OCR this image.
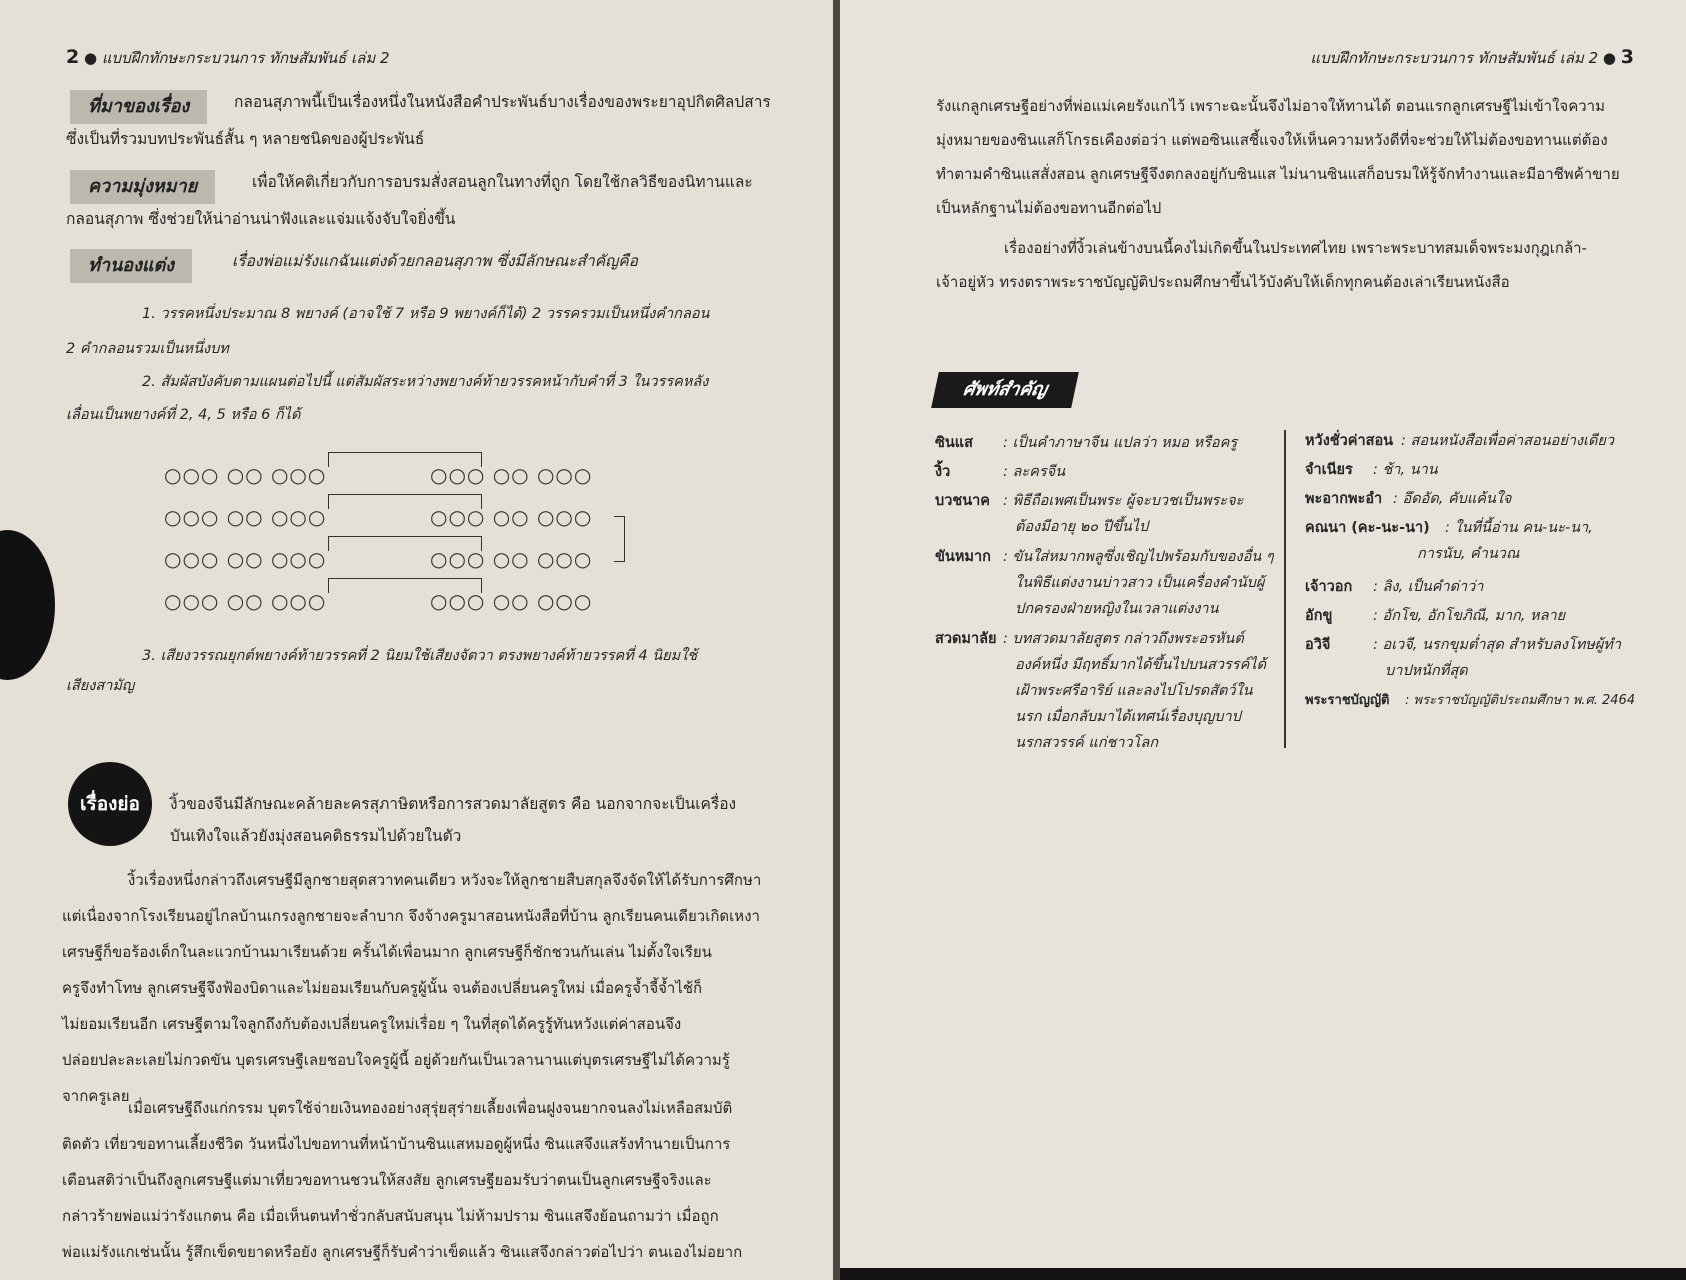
2 ● แบบฝึกทักษะกระบวนการ ทักษสัมพันธ์ เล่ม 2
ที่มาของเรื่อง	กลอนสุภาพนี้เป็นเรื่องหนึ่งในหนังสือคำประพันธ์บางเรื่องของพระยาอุปกิตศิลปสาร
ซึ่งเป็นที่รวมบทประพันธ์สั้น ๆ หลายชนิดของผู้ประพันธ์
ความมุ่งหมาย	เพื่อให้คติเกี่ยวกับการอบรมสั่งสอนลูกในทางที่ถูก โดยใช้กลวิธีของนิทานและ
กลอนสุภาพ ซึ่งช่วยให้น่าอ่านน่าฟังและแจ่มแจ้งจับใจยิ่งขึ้น
ทำนองแต่ง	เรื่องพ่อแม่รังแกฉันแต่งด้วยกลอนสุภาพ ซึ่งมีลักษณะสำคัญคือ
1. วรรคหนึ่งประมาณ 8 พยางค์ (อาจใช้ 7 หรือ 9 พยางค์ก็ได้) 2 วรรครวมเป็นหนึ่งคำกลอน
2 คำกลอนรวมเป็นหนึ่งบท
2. สัมผัสบังคับตามแผนต่อไปนี้ แต่สัมผัสระหว่างพยางค์ท้ายวรรคหน้ากับคำที่ 3 ในวรรคหลัง
เลื่อนเป็นพยางค์ที่ 2, 4, 5 หรือ 6 ก็ได้
○○○ ○○ ○○○	○○○ ○○ ○○○
○○○ ○○ ○○○	○○○ ○○ ○○○
○○○ ○○ ○○○	○○○ ○○ ○○○
○○○ ○○ ○○○	○○○ ○○ ○○○
3. เสียงวรรณยุกต์พยางค์ท้ายวรรคที่ 2 นิยมใช้เสียงจัตวา ตรงพยางค์ท้ายวรรคที่ 4 นิยมใช้
เสียงสามัญ
เรื่องย่อ	งิ้วของจีนมีลักษณะคล้ายละครสุภาษิตหรือการสวดมาลัยสูตร คือ นอกจากจะเป็นเครื่อง
บันเทิงใจแล้วยังมุ่งสอนคติธรรมไปด้วยในตัว
งิ้วเรื่องหนึ่งกล่าวถึงเศรษฐีมีลูกชายสุดสวาทคนเดียว หวังจะให้ลูกชายสืบสกุลจึงจัดให้ได้รับการศึกษา
แต่เนื่องจากโรงเรียนอยู่ไกลบ้านเกรงลูกชายจะลำบาก จึงจ้างครูมาสอนหนังสือที่บ้าน ลูกเรียนคนเดียวเกิดเหงา
เศรษฐีก็ขอร้องเด็กในละแวกบ้านมาเรียนด้วย ครั้นได้เพื่อนมาก ลูกเศรษฐีก็ชักชวนกันเล่น ไม่ตั้งใจเรียน
ครูจึงทำโทษ ลูกเศรษฐีจึงฟ้องบิดาและไม่ยอมเรียนกับครูผู้นั้น จนต้องเปลี่ยนครูใหม่ เมื่อครูจ้ำจี้จ้ำไช้ก็
ไม่ยอมเรียนอีก เศรษฐีตามใจลูกถึงกับต้องเปลี่ยนครูใหม่เรื่อย ๆ ในที่สุดได้ครูรู้ทันหวังแต่ค่าสอนจึง
ปล่อยปละละเลยไม่กวดขัน บุตรเศรษฐีเลยชอบใจครูผู้นี้ อยู่ด้วยกันเป็นเวลานานแต่บุตรเศรษฐีไม่ได้ความรู้
จากครูเลย
เมื่อเศรษฐีถึงแก่กรรม บุตรใช้จ่ายเงินทองอย่างสุรุ่ยสุร่ายเลี้ยงเพื่อนฝูงจนยากจนลงไม่เหลือสมบัติ
ติดตัว เที่ยวขอทานเลี้ยงชีวิต วันหนึ่งไปขอทานที่หน้าบ้านซินแสหมอดูผู้หนึ่ง ซินแสจึงแสร้งทำนายเป็นการ
เตือนสติว่าเป็นถึงลูกเศรษฐีแต่มาเที่ยวขอทานชวนให้สงสัย ลูกเศรษฐียอมรับว่าตนเป็นลูกเศรษฐีจริงและ
กล่าวร้ายพ่อแม่ว่ารังแกตน คือ เมื่อเห็นตนทำชั่วกลับสนับสนุน ไม่ห้ามปราม ซินแสจึงย้อนถามว่า เมื่อถูก
พ่อแม่รังแกเช่นนั้น รู้สึกเข็ดขยาดหรือยัง ลูกเศรษฐีก็รับคำว่าเข็ดแล้ว ซินแสจึงกล่าวต่อไปว่า ตนเองไม่อยาก
แบบฝึกทักษะกระบวนการ ทักษสัมพันธ์ เล่ม 2 ● 3
รังแกลูกเศรษฐีอย่างที่พ่อแม่เคยรังแกไว้ เพราะฉะนั้นจึงไม่อาจให้ทานได้ ตอนแรกลูกเศรษฐีไม่เข้าใจความ
มุ่งหมายของซินแสก็โกรธเคืองต่อว่า แต่พอซินแสชี้แจงให้เห็นความหวังดีที่จะช่วยให้ไม่ต้องขอทานแต่ต้อง
ทำตามคำซินแสสั่งสอน ลูกเศรษฐีจึงตกลงอยู่กับซินแส ไม่นานซินแสก็อบรมให้รู้จักทำงานและมีอาชีพค้าขาย
เป็นหลักฐานไม่ต้องขอทานอีกต่อไป
เรื่องอย่างที่งิ้วเล่นข้างบนนี้คงไม่เกิดขึ้นในประเทศไทย เพราะพระบาทสมเด็จพระมงกุฎเกล้า-
เจ้าอยู่หัว ทรงตราพระราชบัญญัติประถมศึกษาขึ้นไว้บังคับให้เด็กทุกคนต้องเล่าเรียนหนังสือ
ศัพท์สำคัญ
ซินแส : เป็นคำภาษาจีน แปลว่า หมอ หรือครู
งิ้ว	: ละครจีน
บวชนาค : พิธีถือเพศเป็นพระ ผู้จะบวชเป็นพระจะ
ต้องมีอายุ ๒๐ ปีขึ้นไป
ขันหมาก : ขันใส่หมากพลูซึ่งเชิญไปพร้อมกับของอื่น ๆ
ในพิธีแต่งงานบ่าวสาว เป็นเครื่องคำนับผู้
ปกครองฝ่ายหญิงในเวลาแต่งงาน
สวดมาลัย : บทสวดมาลัยสูตร กล่าวถึงพระอรหันต์
องค์หนึ่ง มีฤทธิ์มากได้ขึ้นไปบนสวรรค์ได้
เฝ้าพระศรีอาริย์ และลงไปโปรดสัตว์ใน
นรก เมื่อกลับมาได้เทศน์เรื่องบุญบาป
นรกสวรรค์ แก่ชาวโลก
หวังชั่วค่าสอน : สอนหนังสือเพื่อค่าสอนอย่างเดียว
จำเนียร : ช้า, นาน
พะอากพะอำ : อึดอัด, คับแค้นใจ
คณนา (คะ-นะ-นา) : ในที่นี้อ่าน คน-นะ-นา,
การนับ, คำนวณ
เจ้าวอก : ลิง, เป็นคำด่าว่า
อักขู	: อักโข, อักโขภิณี, มาก, หลาย
อวิจี	: อเวจี, นรกขุมต่ำสุด สำหรับลงโทษผู้ทำ
บาปหนักที่สุด
พระราชบัญญัติ : พระราชบัญญัติประถมศึกษา พ.ศ. 2464
